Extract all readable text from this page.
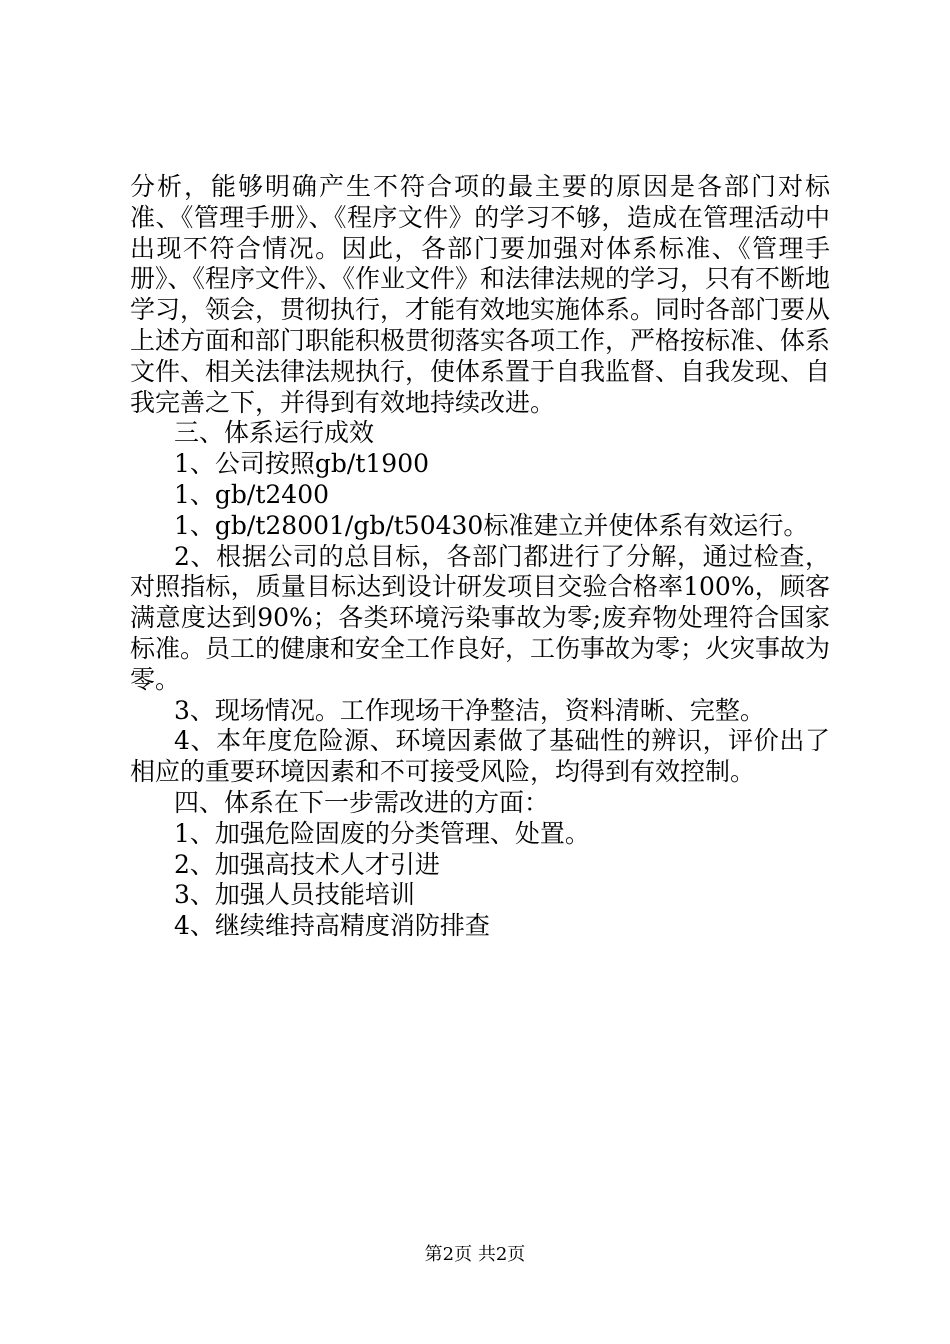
分析，能够明确产生不符合项的最主要的原因是各部门对标准、《管理手册》、《程序文件》的学习不够，造成在管理活动中出现不符合情况。因此，各部门要加强对体系标准、《管理手册》、《程序文件》、《作业文件》和法律法规的学习，只有不断地学习，领会，贯彻执行，才能有效地实施体系。同时各部门要从上述方面和部门职能积极贯彻落实各项工作，严格按标准、体系文件、相关法律法规执行，使体系置于自我监督、自我发现、自我完善之下，并得到有效地持续改进。

三、体系运行成效

1、公司按照gb/t1900

1、gb/t2400

1、gb/t28001/gb/t50430标准建立并使体系有效运行。

2、根据公司的总目标，各部门都进行了分解，通过检查，对照指标，质量目标达到设计研发项目交验合格率100%，顾客满意度达到90%；各类环境污染事故为零;废弃物处理符合国家标准。员工的健康和安全工作良好，工伤事故为零；火灾事故为零。

3、现场情况。工作现场干净整洁，资料清晰、完整。

4、本年度危险源、环境因素做了基础性的辨识，评价出了相应的重要环境因素和不可接受风险，均得到有效控制。

四、体系在下一步需改进的方面：

1、加强危险固废的分类管理、处置。

2、加强高技术人才引进

3、加强人员技能培训

4、继续维持高精度消防排查

第2页 共2页
